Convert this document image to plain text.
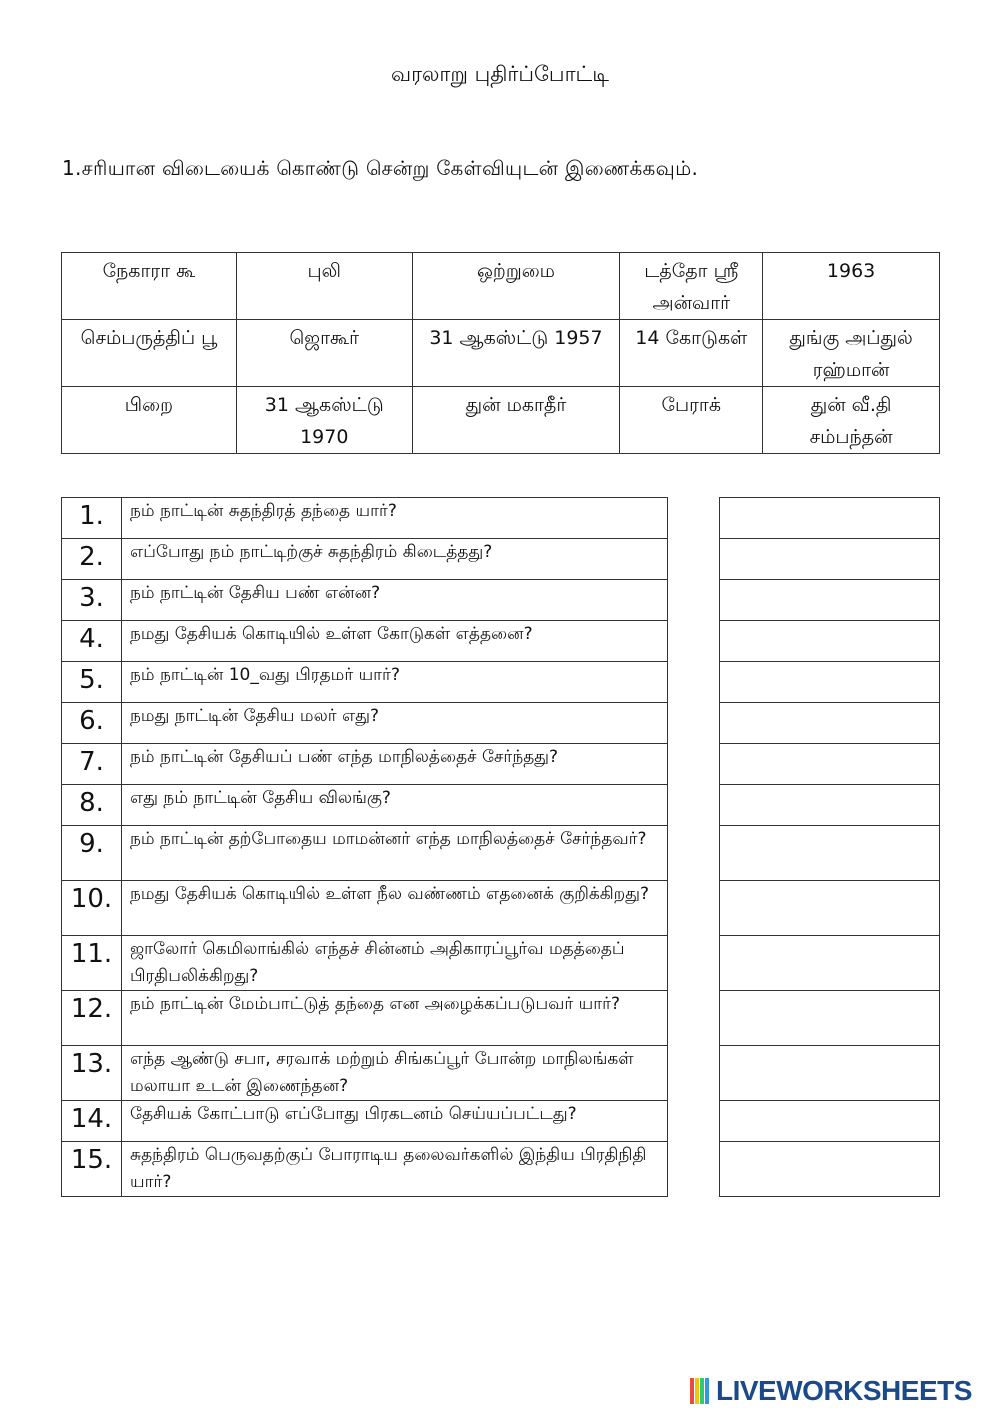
வரலாறு புதிர்ப்போட்டி
1.சரியான விடையைக் கொண்டு சென்று கேள்வியுடன் இணைக்கவும்.
நேகாரா கூ	புலி	ஒற்றுமை	டத்தோ ஸ்ரீ அன்வார்	1963
செம்பருத்திப் பூ	ஜொகூர்	31 ஆகஸ்ட்டு 1957	14 கோடுகள்	துங்கு அப்துல் ரஹ்மான்
பிறை	31 ஆகஸ்ட்டு 1970	துன் மகாதீர்	பேராக்	துன் வீ.தி சம்பந்தன்
1.	நம் நாட்டின் சுதந்திரத் தந்தை யார்?
2.	எப்போது நம் நாட்டிற்குச் சுதந்திரம் கிடைத்தது?
3.	நம் நாட்டின் தேசிய பண் என்ன?
4.	நமது தேசியக் கொடியில் உள்ள கோடுகள் எத்தனை?
5.	நம் நாட்டின் 10_வது பிரதமர் யார்?
6.	நமது நாட்டின் தேசிய மலர் எது?
7.	நம் நாட்டின் தேசியப் பண் எந்த மாநிலத்தைச் சேர்ந்தது?
8.	எது நம் நாட்டின் தேசிய விலங்கு?
9.	நம் நாட்டின் தற்போதைய மாமன்னர் எந்த மாநிலத்தைச் சேர்ந்தவர்?
10.	நமது தேசியக் கொடியில் உள்ள நீல வண்ணம் எதனைக் குறிக்கிறது?
11.	ஜாலோர் கெமிலாங்கில் எந்தச் சின்னம் அதிகாரப்பூர்வ மதத்தைப் பிரதிபலிக்கிறது?
12.	நம் நாட்டின் மேம்பாட்டுத் தந்தை என அழைக்கப்படுபவர் யார்?
13.	எந்த ஆண்டு சபா, சரவாக் மற்றும் சிங்கப்பூர் போன்ற மாநிலங்கள் மலாயா உடன் இணைந்தன?
14.	தேசியக் கோட்பாடு எப்போது பிரகடனம் செய்யப்பட்டது?
15.	சுதந்திரம் பெருவதற்குப் போராடிய தலைவர்களில் இந்திய பிரதிநிதி யார்?

LIVEWORKSHEETS
